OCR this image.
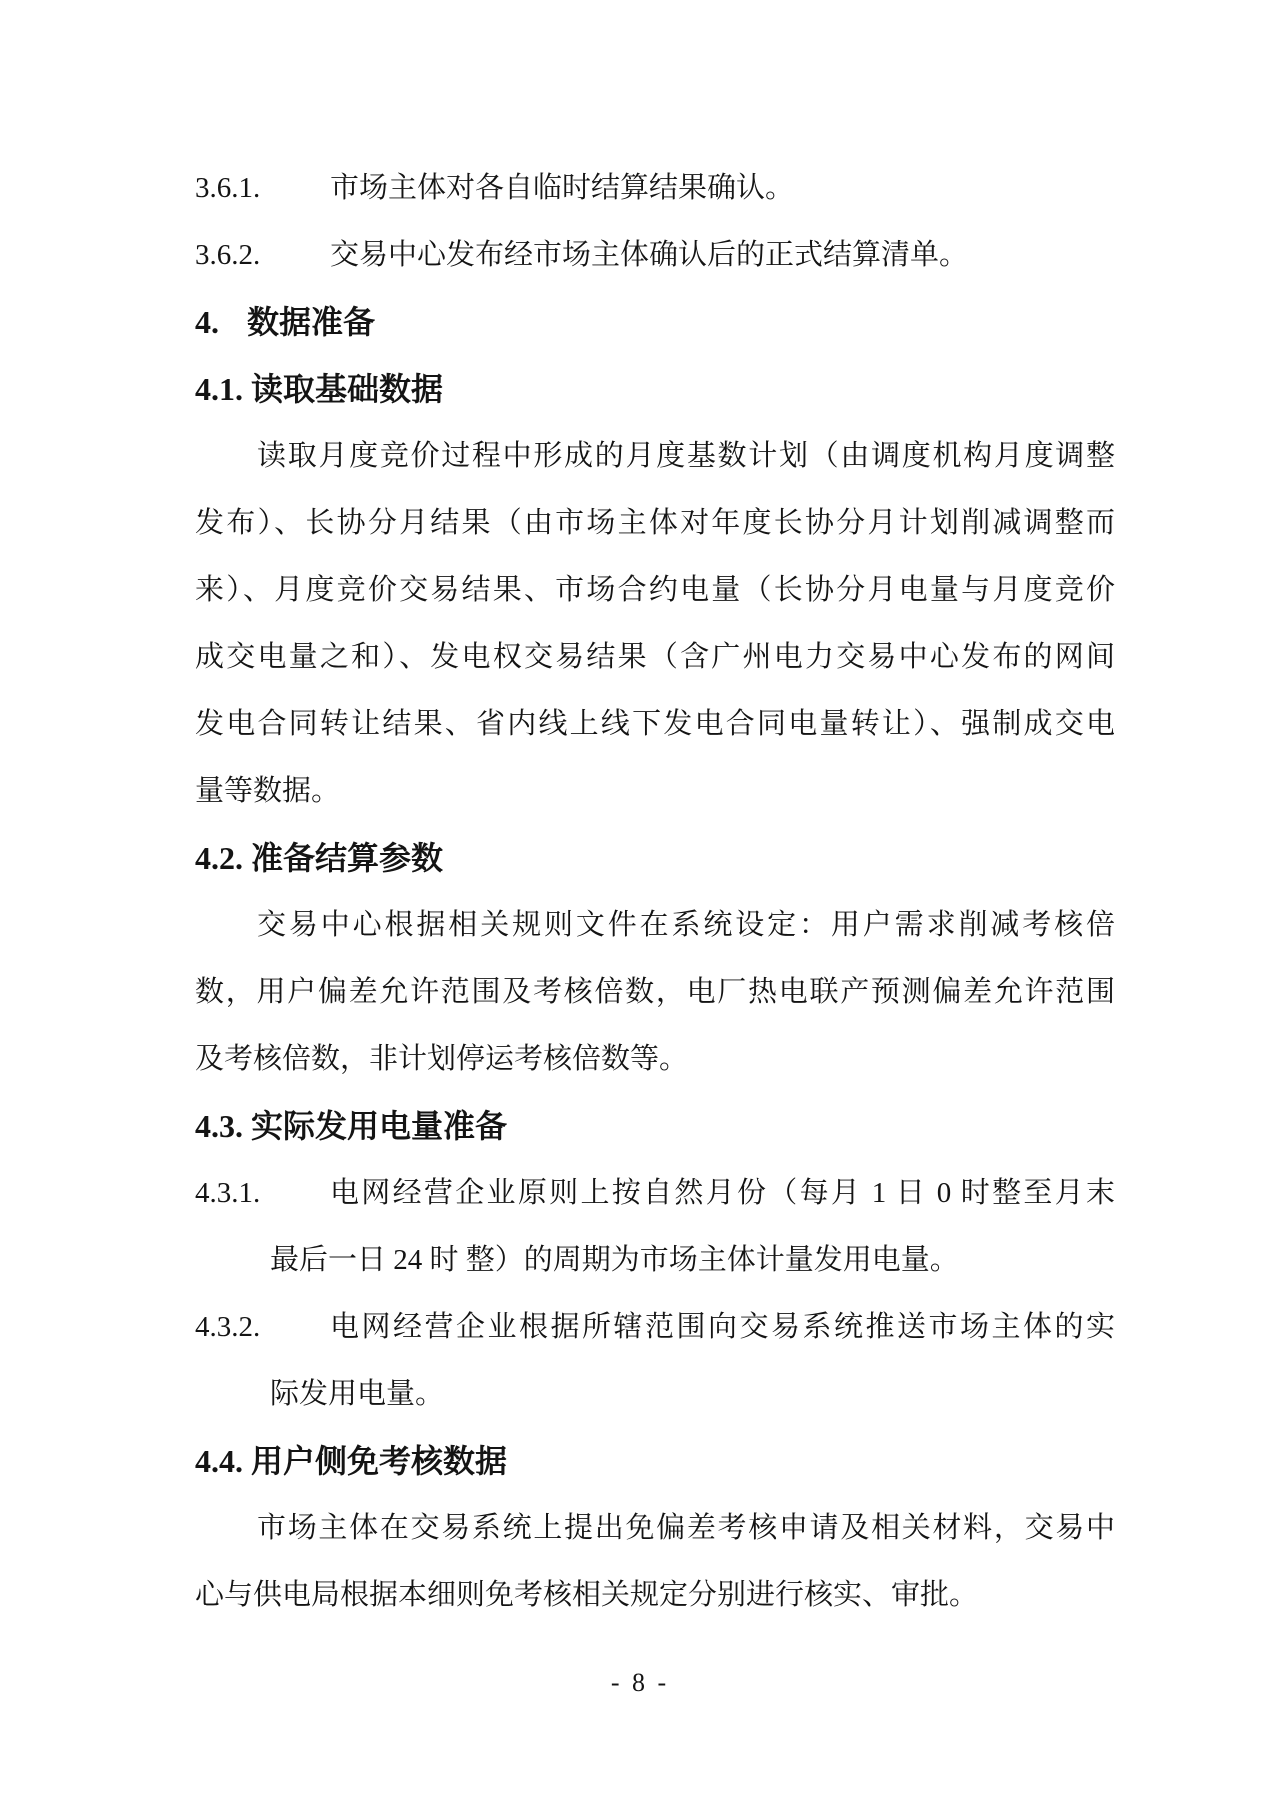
3.6.1.	市场主体对各自临时结算结果确认。
3.6.2.	交易中心发布经市场主体确认后的正式结算清单。
4. 数据准备
4.1. 读取基础数据
读取月度竞价过程中形成的月度基数计划（由调度机构月度调整
发布）、长协分月结果（由市场主体对年度长协分月计划削减调整而
来）、月度竞价交易结果、市场合约电量（长协分月电量与月度竞价
成交电量之和）、发电权交易结果（含广州电力交易中心发布的网间
发电合同转让结果、省内线上线下发电合同电量转让）、强制成交电
量等数据。
4.2. 准备结算参数
交易中心根据相关规则文件在系统设定：用户需求削减考核倍
数，用户偏差允许范围及考核倍数，电厂热电联产预测偏差允许范围
及考核倍数，非计划停运考核倍数等。
4.3. 实际发用电量准备
4.3.1.	电网经营企业原则上按自然月份（每月 1 日 0 时整至月末
最后一日 24 时 整）的周期为市场主体计量发用电量。
4.3.2.	电网经营企业根据所辖范围向交易系统推送市场主体的实
际发用电量。
4.4. 用户侧免考核数据
市场主体在交易系统上提出免偏差考核申请及相关材料，交易中
心与供电局根据本细则免考核相关规定分别进行核实、审批。
- 8 -
